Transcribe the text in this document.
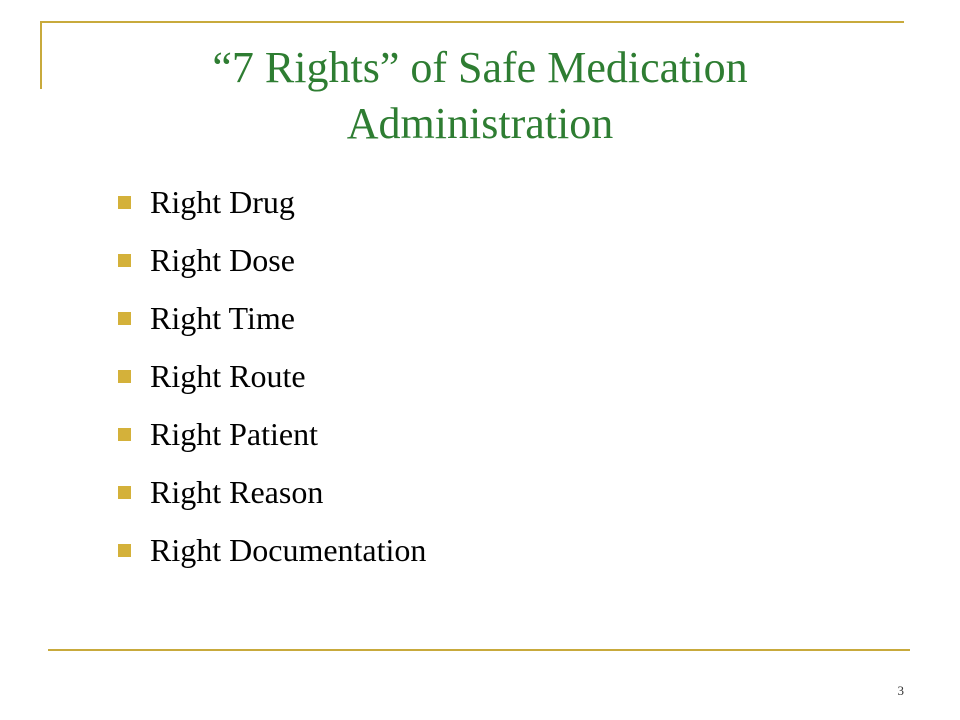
“7 Rights” of Safe Medication Administration
Right Drug
Right Dose
Right Time
Right Route
Right Patient
Right Reason
Right Documentation
3
